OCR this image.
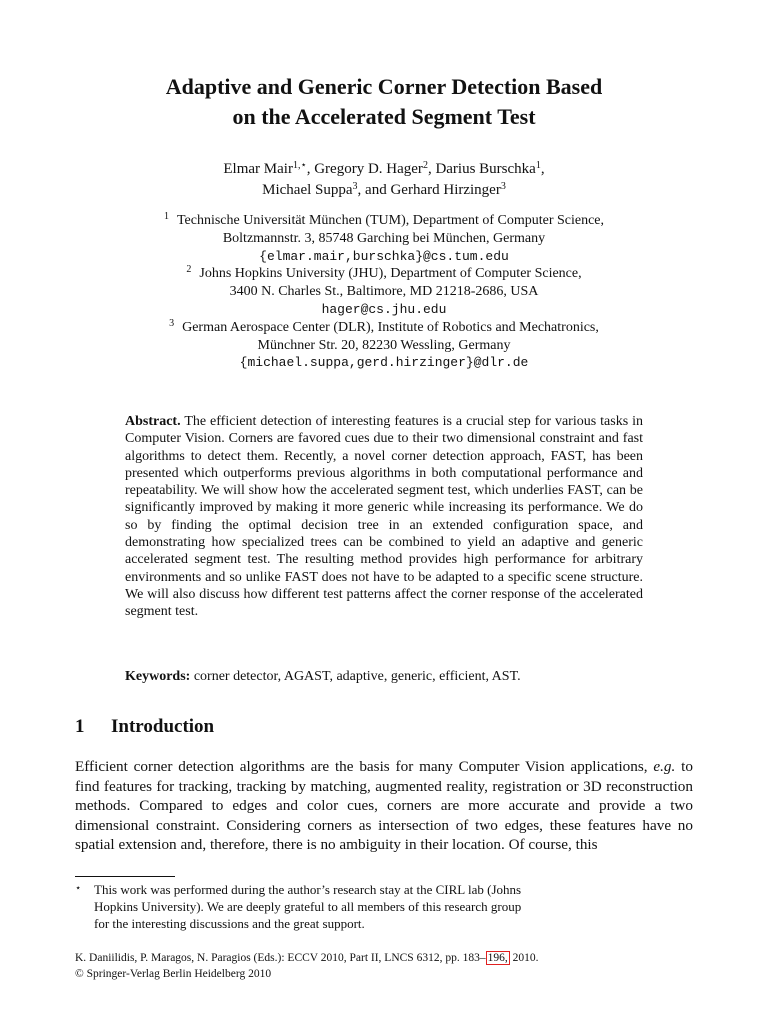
Adaptive and Generic Corner Detection Based
on the Accelerated Segment Test
Elmar Mair$^{1,⋆}$, Gregory D. Hager$^2$, Darius Burschka$^1$,
Michael Suppa$^3$, and Gerhard Hirzinger$^3$
$^1$ Technische Universität München (TUM), Department of Computer Science,
Boltzmannstr. 3, 85748 Garching bei München, Germany
{elmar.mair,burschka}@cs.tum.edu
$^2$ Johns Hopkins University (JHU), Department of Computer Science,
3400 N. Charles St., Baltimore, MD 21218-2686, USA
hager@cs.jhu.edu
$^3$ German Aerospace Center (DLR), Institute of Robotics and Mechatronics,
Münchner Str. 20, 82230 Wessling, Germany
{michael.suppa,gerd.hirzinger}@dlr.de
Abstract. The efficient detection of interesting features is a crucial step for various tasks in Computer Vision. Corners are favored cues due to their two dimensional constraint and fast algorithms to detect them. Recently, a novel corner detection approach, FAST, has been presented which outperforms previous algorithms in both computational performance and repeatability. We will show how the accelerated segment test, which underlies FAST, can be significantly improved by making it more generic while increasing its performance. We do so by finding the optimal decision tree in an extended configuration space, and demonstrating how specialized trees can be combined to yield an adaptive and generic accelerated segment test. The resulting method provides high performance for arbitrary environments and so unlike FAST does not have to be adapted to a specific scene structure. We will also discuss how different test patterns affect the corner response of the accelerated segment test.
Keywords: corner detector, AGAST, adaptive, generic, efficient, AST.
1 Introduction
Efficient corner detection algorithms are the basis for many Computer Vision applications, e.g. to find features for tracking, tracking by matching, augmented reality, registration or 3D reconstruction methods. Compared to edges and color cues, corners are more accurate and provide a two dimensional constraint. Considering corners as intersection of two edges, these features have no spatial extension and, therefore, there is no ambiguity in their location. Of course, this
⋆ This work was performed during the author’s research stay at the CIRL lab (Johns
Hopkins University). We are deeply grateful to all members of this research group
for the interesting discussions and the great support.
K. Daniilidis, P. Maragos, N. Paragios (Eds.): ECCV 2010, Part II, LNCS 6312, pp. 183– 196, 2010.
© Springer-Verlag Berlin Heidelberg 2010
